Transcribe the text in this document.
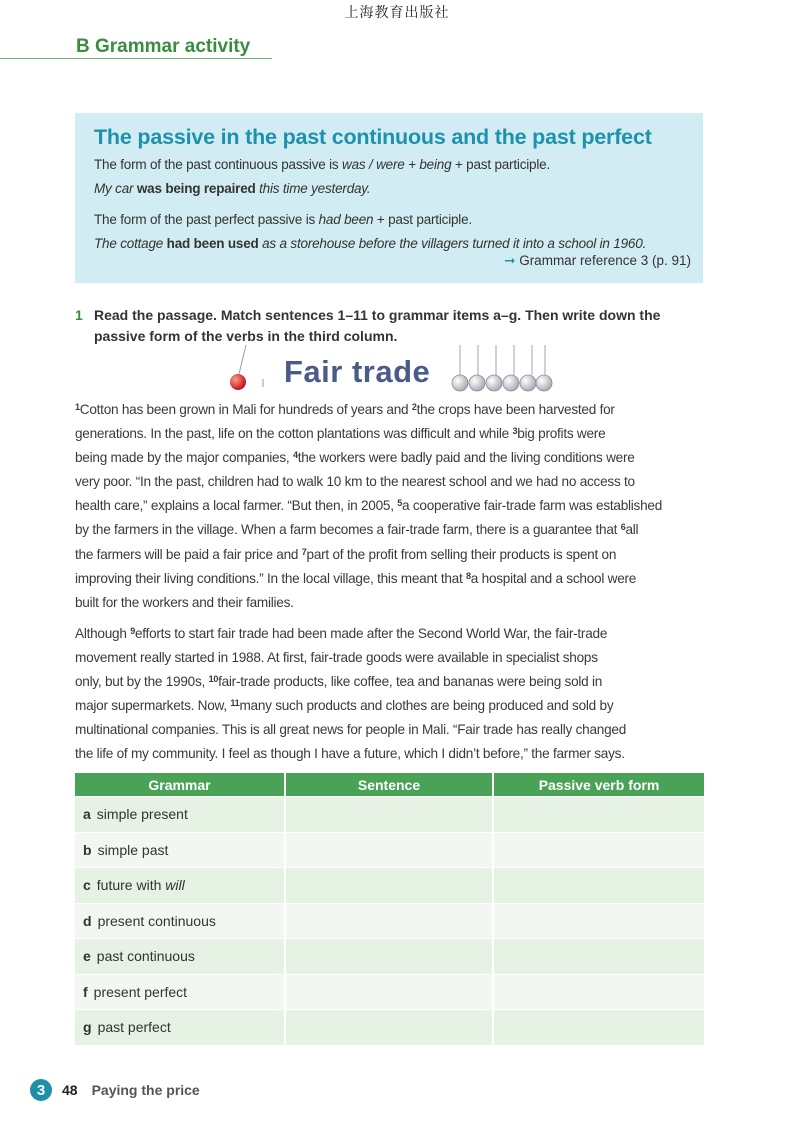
上海教育出版社
B Grammar activity
The passive in the past continuous and the past perfect
The form of the past continuous passive is was / were + being + past participle.
My car was being repaired this time yesterday.
The form of the past perfect passive is had been + past participle.
The cottage had been used as a storehouse before the villagers turned it into a school in 1960.
➞ Grammar reference 3 (p. 91)
1 Read the passage. Match sentences 1–11 to grammar items a–g. Then write down the passive form of the verbs in the third column.
Fair trade
$^1$Cotton has been grown in Mali for hundreds of years and $^2$the crops have been harvested for
generations. In the past, life on the cotton plantations was difficult and while $^3$big profits were
being made by the major companies, $^4$the workers were badly paid and the living conditions were
very poor. “In the past, children had to walk 10 km to the nearest school and we had no access to
health care,” explains a local farmer. “But then, in 2005, $^5$a cooperative fair-trade farm was established
by the farmers in the village. When a farm becomes a fair-trade farm, there is a guarantee that $^6$all
the farmers will be paid a fair price and $^7$part of the profit from selling their products is spent on
improving their living conditions.” In the local village, this meant that $^8$a hospital and a school were
built for the workers and their families.
Although $^9$efforts to start fair trade had been made after the Second World War, the fair-trade
movement really started in 1988. At first, fair-trade goods were available in specialist shops
only, but by the 1990s, $^{10}$fair-trade products, like coffee, tea and bananas were being sold in
major supermarkets. Now, $^{11}$many such products and clothes are being produced and sold by
multinational companies. This is all great news for people in Mali. “Fair trade has really changed
the life of my community. I feel as though I have a future, which I didn’t before,” the farmer says.
Grammar	Sentence	Passive verb form
a simple present		
b simple past		
c future with will		
d present continuous		
e past continuous		
f present perfect		
g past perfect		
3	48 Paying the price
